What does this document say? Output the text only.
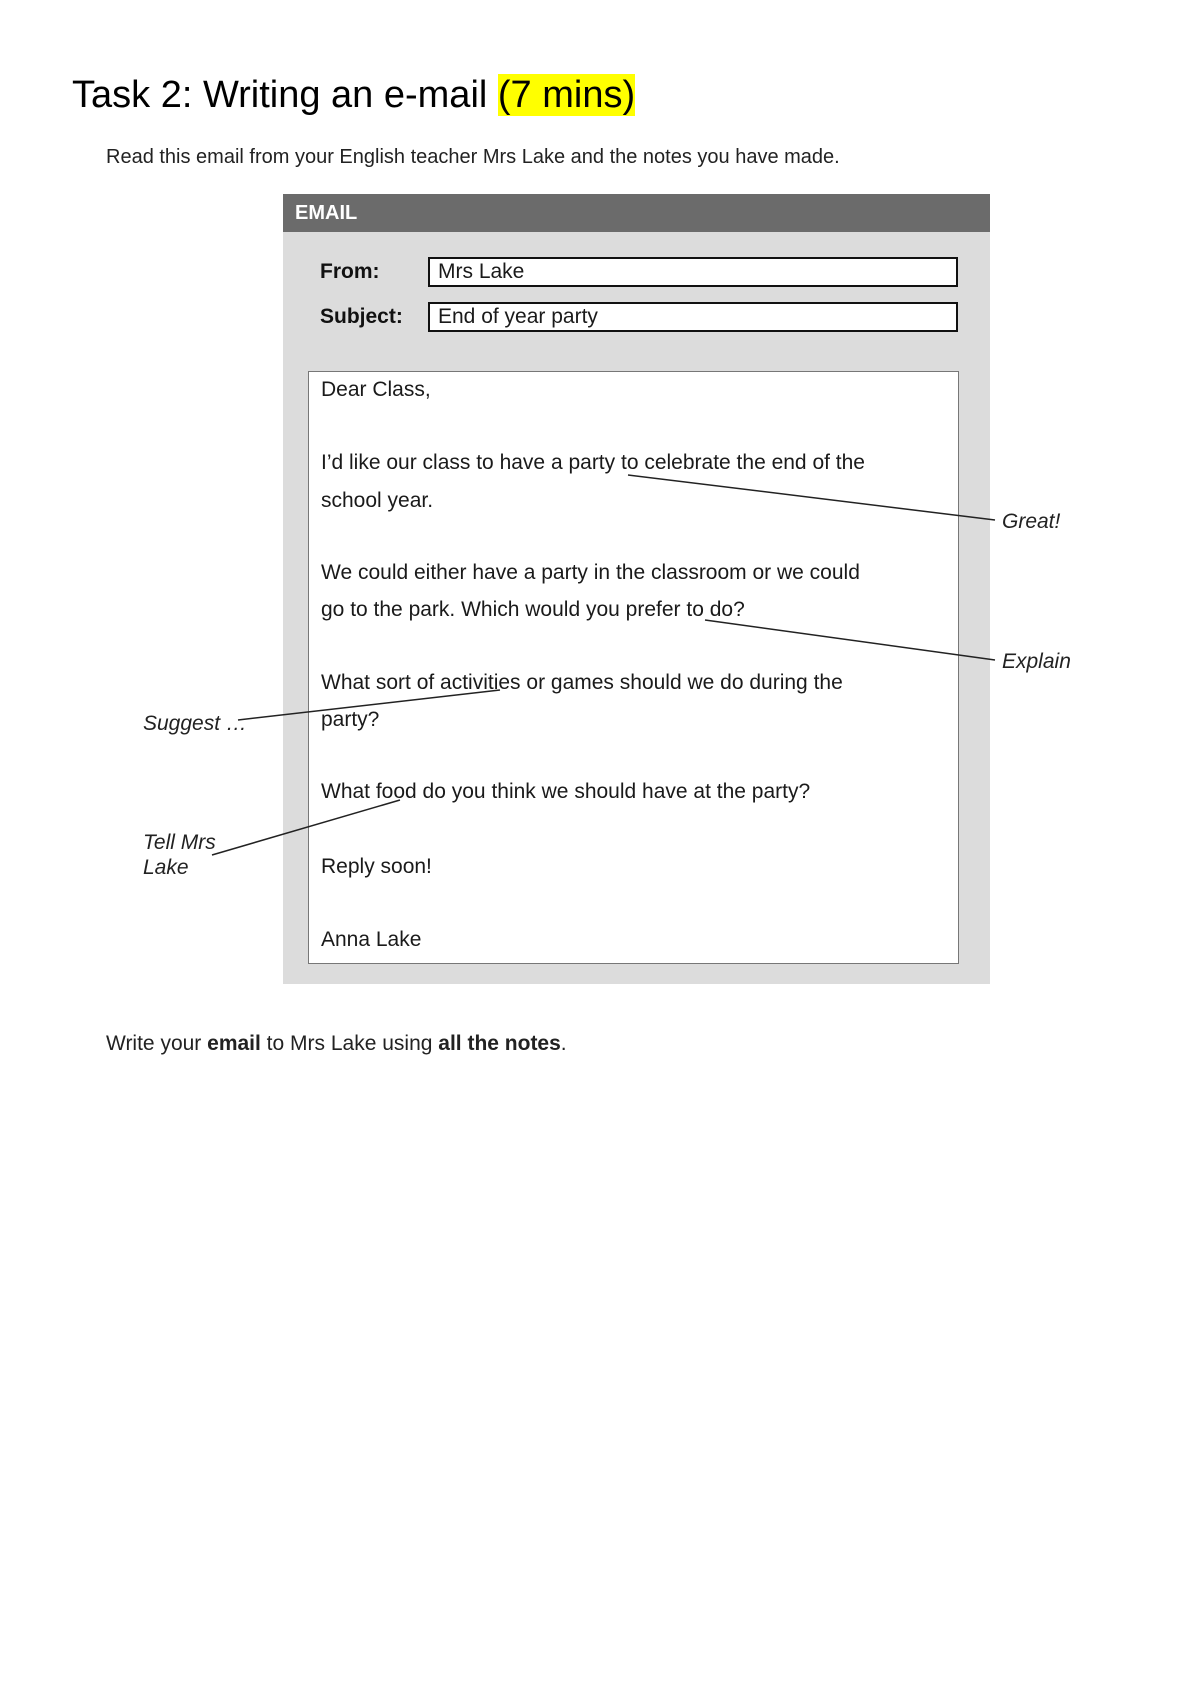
Task 2: Writing an e-mail (7 mins)
Read this email from your English teacher Mrs Lake and the notes you have made.
EMAIL
From:	Mrs Lake
Subject:	End of year party
Dear Class,
I’d like our class to have a party to celebrate the end of the
school year.
We could either have a party in the classroom or we could
go to the park. Which would you prefer to do?
What sort of activities or games should we do during the
party?
What food do you think we should have at the party?
Reply soon!
Anna Lake
Great!
Explain
Suggest …
Tell Mrs
Lake
Write your email to Mrs Lake using all the notes.
